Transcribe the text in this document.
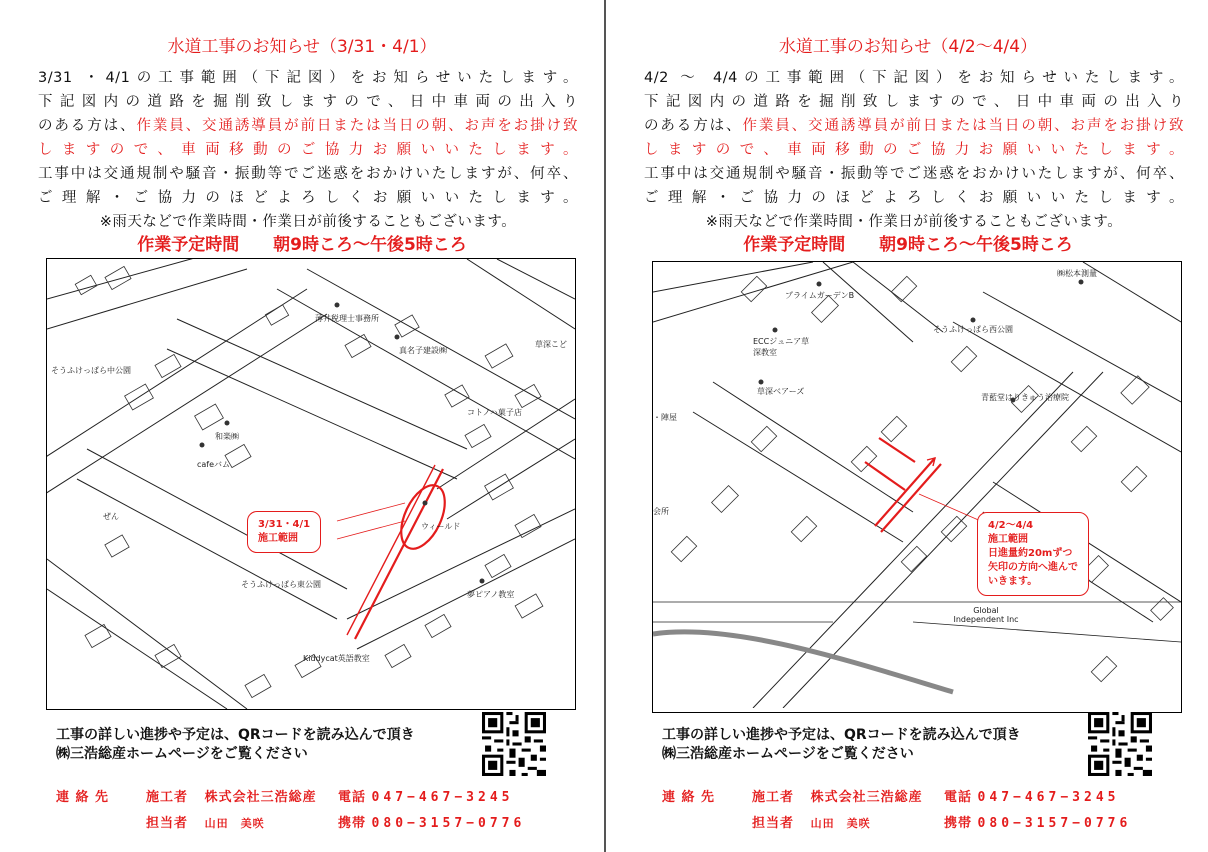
水道工事のお知らせ（3/31・4/1）

3/31 ・4/1の工事範囲（下記図）をお知らせいたします。

下記図内の道路を掘削致しますので、日中車両の出入り

のある方は、作業員、交通誘導員が前日または当日の朝、お声をお掛け致

しますので、車両移動のご協力お願いいたします。

工事中は交通規制や騒音・振動等でご迷惑をおかけいたしますが、何卒、

ご理解・ご協力のほどよろしくお願いいたします。

※雨天などで作業時間・作業日が前後することもございます。

作業予定時間 朝9時ころ〜午後5時ころ
薄井税理士事務所
真名子建設㈱
草深こど
そうふけっぱら中公園
コトノハ菓子店
和楽㈱
cafeバム
ぜん
ウィールド
そうふけっぱら東公園
夢ピアノ教室
Kiddycat英語教室
3/31・4/1
施工範囲
工事の詳しい進捗や予定は、QRコードを読み込んで頂き
㈱三浩総産ホームページをご覧ください
連 絡 先	施工者 株式会社三浩総産 電話 047−467−3245
担当者 山田　美咲	携帯 080−3157−0776
水道工事のお知らせ（4/2〜4/4）

4/2 〜 4/4の工事範囲（下記図）をお知らせいたします。

下記図内の道路を掘削致しますので、日中車両の出入り

のある方は、作業員、交通誘導員が前日または当日の朝、お声をお掛け致

しますので、車両移動のご協力お願いいたします。

工事中は交通規制や騒音・振動等でご迷惑をおかけいたしますが、何卒、

ご理解・ご協力のほどよろしくお願いいたします。

※雨天などで作業時間・作業日が前後することもございます。

作業予定時間 朝9時ころ〜午後5時ころ
プライムガーデンB
㈱松本測量
そうふけっぱら西公園
ECCジュニア草深教室
草深ベアーズ
青藍堂はりきゅう治療院
・陣屋
会所
Global Independent Inc
4/2〜4/4
施工範囲
日進量約20mずつ
矢印の方向へ進んで
いきます。
工事の詳しい進捗や予定は、QRコードを読み込んで頂き
㈱三浩総産ホームページをご覧ください
連 絡 先	施工者 株式会社三浩総産 電話 047−467−3245
担当者 山田　美咲	携帯 080−3157−0776
